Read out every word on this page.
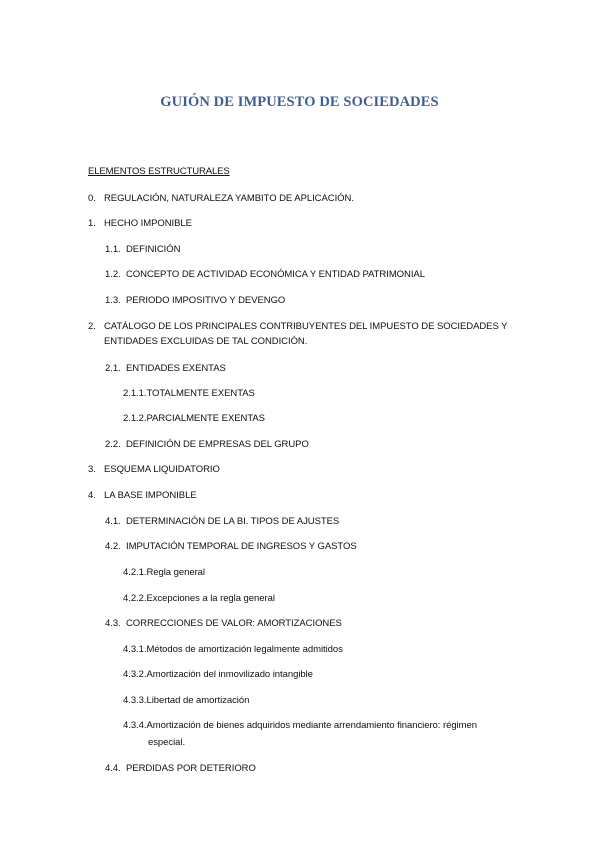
GUIÓN DE IMPUESTO DE SOCIEDADES
ELEMENTOS ESTRUCTURALES
0. REGULACIÓN, NATURALEZA YAMBITO DE APLICACIÓN.
1. HECHO IMPONIBLE
1.1. DEFINICIÓN
1.2. CONCEPTO DE ACTIVIDAD ECONÓMICA Y ENTIDAD PATRIMONIAL
1.3. PERIODO IMPOSITIVO Y DEVENGO
2. CATÁLOGO DE LOS PRINCIPALES CONTRIBUYENTES DEL IMPUESTO DE SOCIEDADES Y
ENTIDADES EXCLUIDAS DE TAL CONDICIÓN.
2.1. ENTIDADES EXENTAS
2.1.1.TOTALMENTE EXENTAS
2.1.2.PARCIALMENTE EXENTAS
2.2. DEFINICIÓN DE EMPRESAS DEL GRUPO
3. ESQUEMA LIQUIDATORIO
4. LA BASE IMPONIBLE
4.1. DETERMINACIÓN DE LA BI. TIPOS DE AJUSTES
4.2. IMPUTACIÓN TEMPORAL DE INGRESOS Y GASTOS
4.2.1.Regla general
4.2.2.Excepciones a la regla general
4.3. CORRECCIONES DE VALOR: AMORTIZACIONES
4.3.1.Métodos de amortización legalmente admitidos
4.3.2.Amortización del inmovilizado intangible
4.3.3.Libertad de amortización
4.3.4.Amortización de bienes adquiridos mediante arrendamiento financiero: régimen
especial.
4.4. PERDIDAS POR DETERIORO
